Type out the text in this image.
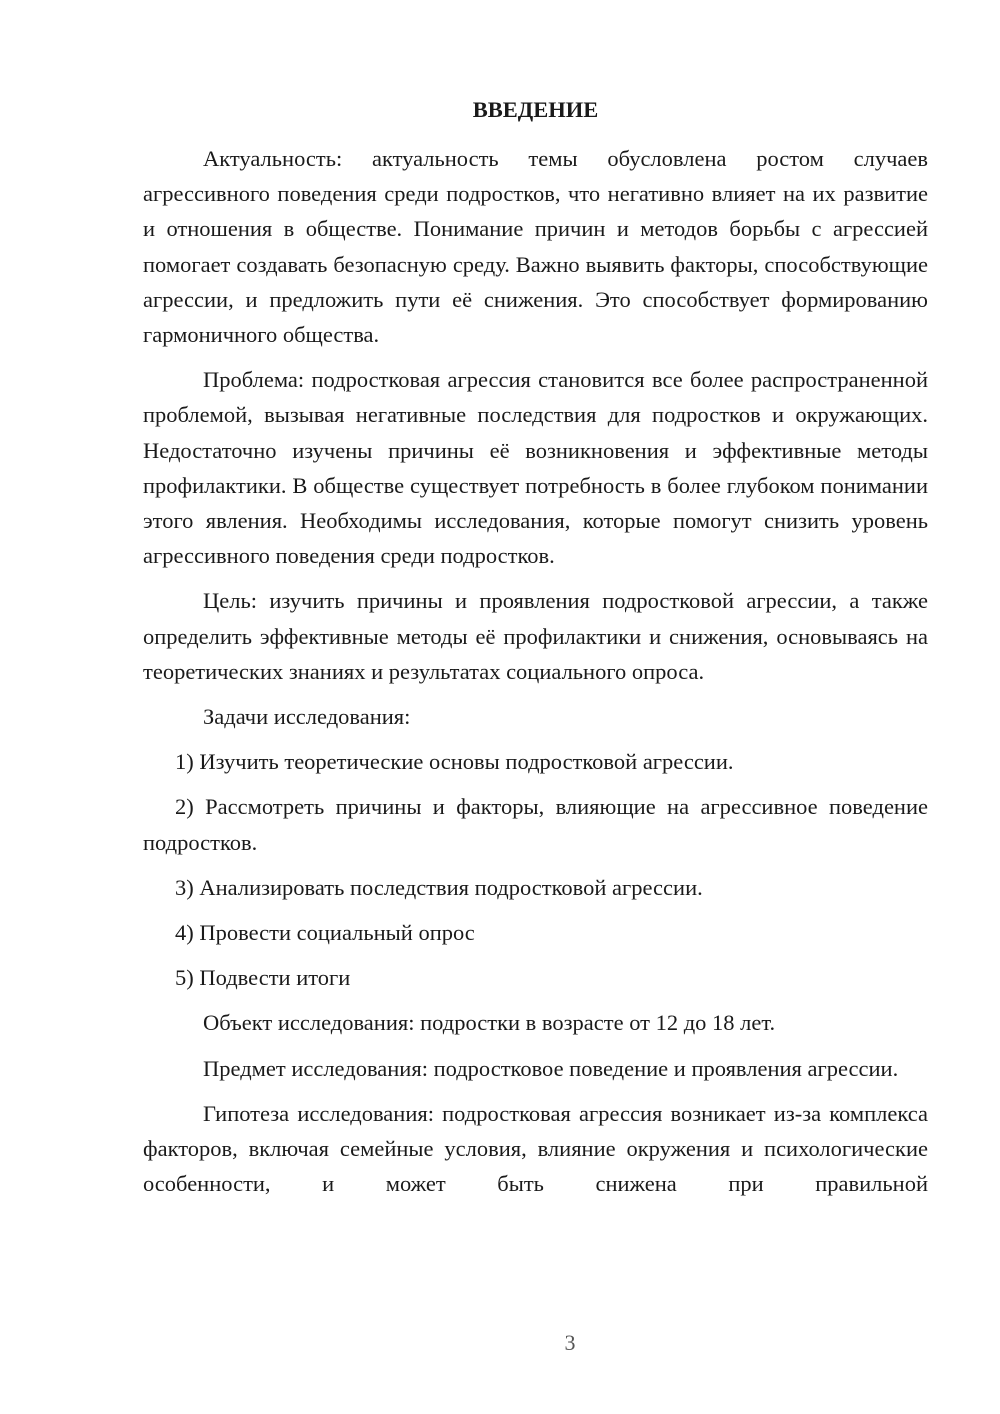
ВВЕДЕНИЕ

Актуальность: актуальность темы обусловлена ростом случаев агрессивного поведения среди подростков, что негативно влияет на их развитие и отношения в обществе. Понимание причин и методов борьбы с агрессией помогает создавать безопасную среду. Важно выявить факторы, способствующие агрессии, и предложить пути её снижения. Это способствует формированию гармоничного общества.

Проблема: подростковая агрессия становится все более распространенной проблемой, вызывая негативные последствия для подростков и окружающих. Недостаточно изучены причины её возникновения и эффективные методы профилактики. В обществе существует потребность в более глубоком понимании этого явления. Необходимы исследования, которые помогут снизить уровень агрессивного поведения среди подростков.

Цель: изучить причины и проявления подростковой агрессии, а также определить эффективные методы её профилактики и снижения, основываясь на теоретических знаниях и результатах социального опроса.

Задачи исследования:

1) Изучить теоретические основы подростковой агрессии.

2) Рассмотреть причины и факторы, влияющие на агрессивное поведение подростков.

3) Анализировать последствия подростковой агрессии.

4) Провести социальный опрос

5) Подвести итоги

Объект исследования: подростки в возрасте от 12 до 18 лет.

Предмет исследования: подростковое поведение и проявления агрессии.

Гипотеза исследования: подростковая агрессия возникает из-за комплекса факторов, включая семейные условия, влияние окружения и психологические особенности, и может быть снижена при правильной

3
